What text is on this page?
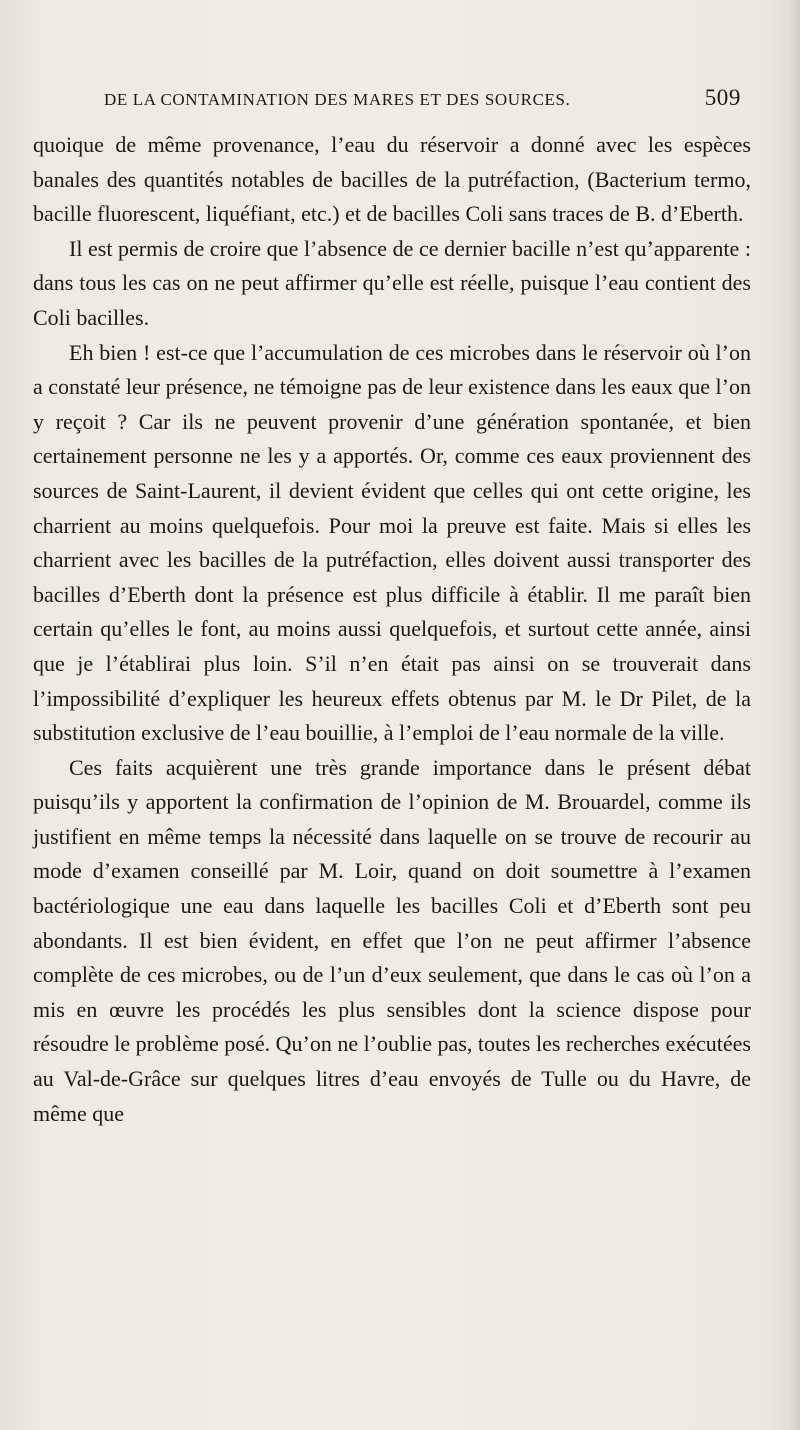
DE LA CONTAMINATION DES MARES ET DES SOURCES.	509

quoique de même provenance, l’eau du réservoir a donné avec les espèces banales des quantités notables de bacilles de la putréfaction, (Bacterium termo, bacille fluorescent, liquéfiant, etc.) et de bacilles Coli sans traces de B. d’Eberth.

Il est permis de croire que l’absence de ce dernier bacille n’est qu’apparente : dans tous les cas on ne peut affirmer qu’elle est réelle, puisque l’eau contient des Coli bacilles.

Eh bien ! est-ce que l’accumulation de ces microbes dans le réservoir où l’on a constaté leur présence, ne témoigne pas de leur existence dans les eaux que l’on y reçoit ? Car ils ne peuvent provenir d’une génération spontanée, et bien certainement personne ne les y a apportés. Or, comme ces eaux proviennent des sources de Saint-Laurent, il devient évident que celles qui ont cette origine, les charrient au moins quelquefois. Pour moi la preuve est faite. Mais si elles les charrient avec les bacilles de la putréfaction, elles doivent aussi transporter des bacilles d’Eberth dont la présence est plus difficile à établir. Il me paraît bien certain qu’elles le font, au moins aussi quelquefois, et surtout cette année, ainsi que je l’établirai plus loin. S’il n’en était pas ainsi on se trouverait dans l’impossibilité d’expliquer les heureux effets obtenus par M. le Dr Pilet, de la substitution exclusive de l’eau bouillie, à l’emploi de l’eau normale de la ville.

Ces faits acquièrent une très grande importance dans le présent débat puisqu’ils y apportent la confirmation de l’opinion de M. Brouardel, comme ils justifient en même temps la nécessité dans laquelle on se trouve de recourir au mode d’examen conseillé par M. Loir, quand on doit soumettre à l’examen bactériologique une eau dans laquelle les bacilles Coli et d’Eberth sont peu abondants. Il est bien évident, en effet que l’on ne peut affirmer l’absence complète de ces microbes, ou de l’un d’eux seulement, que dans le cas où l’on a mis en œuvre les procédés les plus sensibles dont la science dispose pour résoudre le problème posé. Qu’on ne l’oublie pas, toutes les recherches exécutées au Val-de-Grâce sur quelques litres d’eau envoyés de Tulle ou du Havre, de même que
